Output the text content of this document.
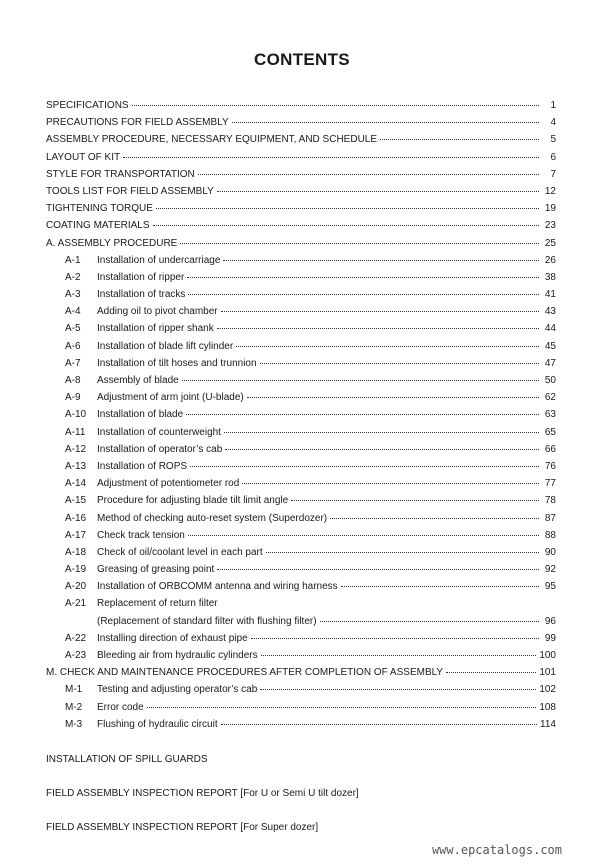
CONTENTS
SPECIFICATIONS	1
PRECAUTIONS FOR FIELD ASSEMBLY	4
ASSEMBLY PROCEDURE, NECESSARY EQUIPMENT, AND SCHEDULE	5
LAYOUT OF KIT	6
STYLE FOR TRANSPORTATION	7
TOOLS LIST FOR FIELD ASSEMBLY	12
TIGHTENING TORQUE	19
COATING MATERIALS	23
A. ASSEMBLY PROCEDURE	25
A-1	Installation of undercarriage	26
A-2	Installation of ripper	38
A-3	Installation of tracks	41
A-4	Adding oil to pivot chamber	43
A-5	Installation of ripper shank	44
A-6	Installation of blade lift cylinder	45
A-7	Installation of tilt hoses and trunnion	47
A-8	Assembly of blade	50
A-9	Adjustment of arm joint (U-blade)	62
A-10	Installation of blade	63
A-11	Installation of counterweight	65
A-12	Installation of operator’s cab	66
A-13	Installation of ROPS	76
A-14	Adjustment of potentiometer rod	77
A-15	Procedure for adjusting blade tilt limit angle	78
A-16	Method of checking auto-reset system (Superdozer)	87
A-17	Check track tension	88
A-18	Check of oil/coolant level in each part	90
A-19	Greasing of greasing point	92
A-20	Installation of ORBCOMM antenna and wiring harness	95
A-21	Replacement of return filter
(Replacement of standard filter with flushing filter)	96
A-22	Installing direction of exhaust pipe	99
A-23	Bleeding air from hydraulic cylinders	100
M. CHECK AND MAINTENANCE PROCEDURES AFTER COMPLETION OF ASSEMBLY	101
M-1	Testing and adjusting operator’s cab	102
M-2	Error code	108
M-3	Flushing of hydraulic circuit	114
INSTALLATION OF SPILL GUARDS
FIELD ASSEMBLY INSPECTION REPORT [For U or Semi U tilt dozer]
FIELD ASSEMBLY INSPECTION REPORT [For Super dozer]
www.epcatalogs.com
